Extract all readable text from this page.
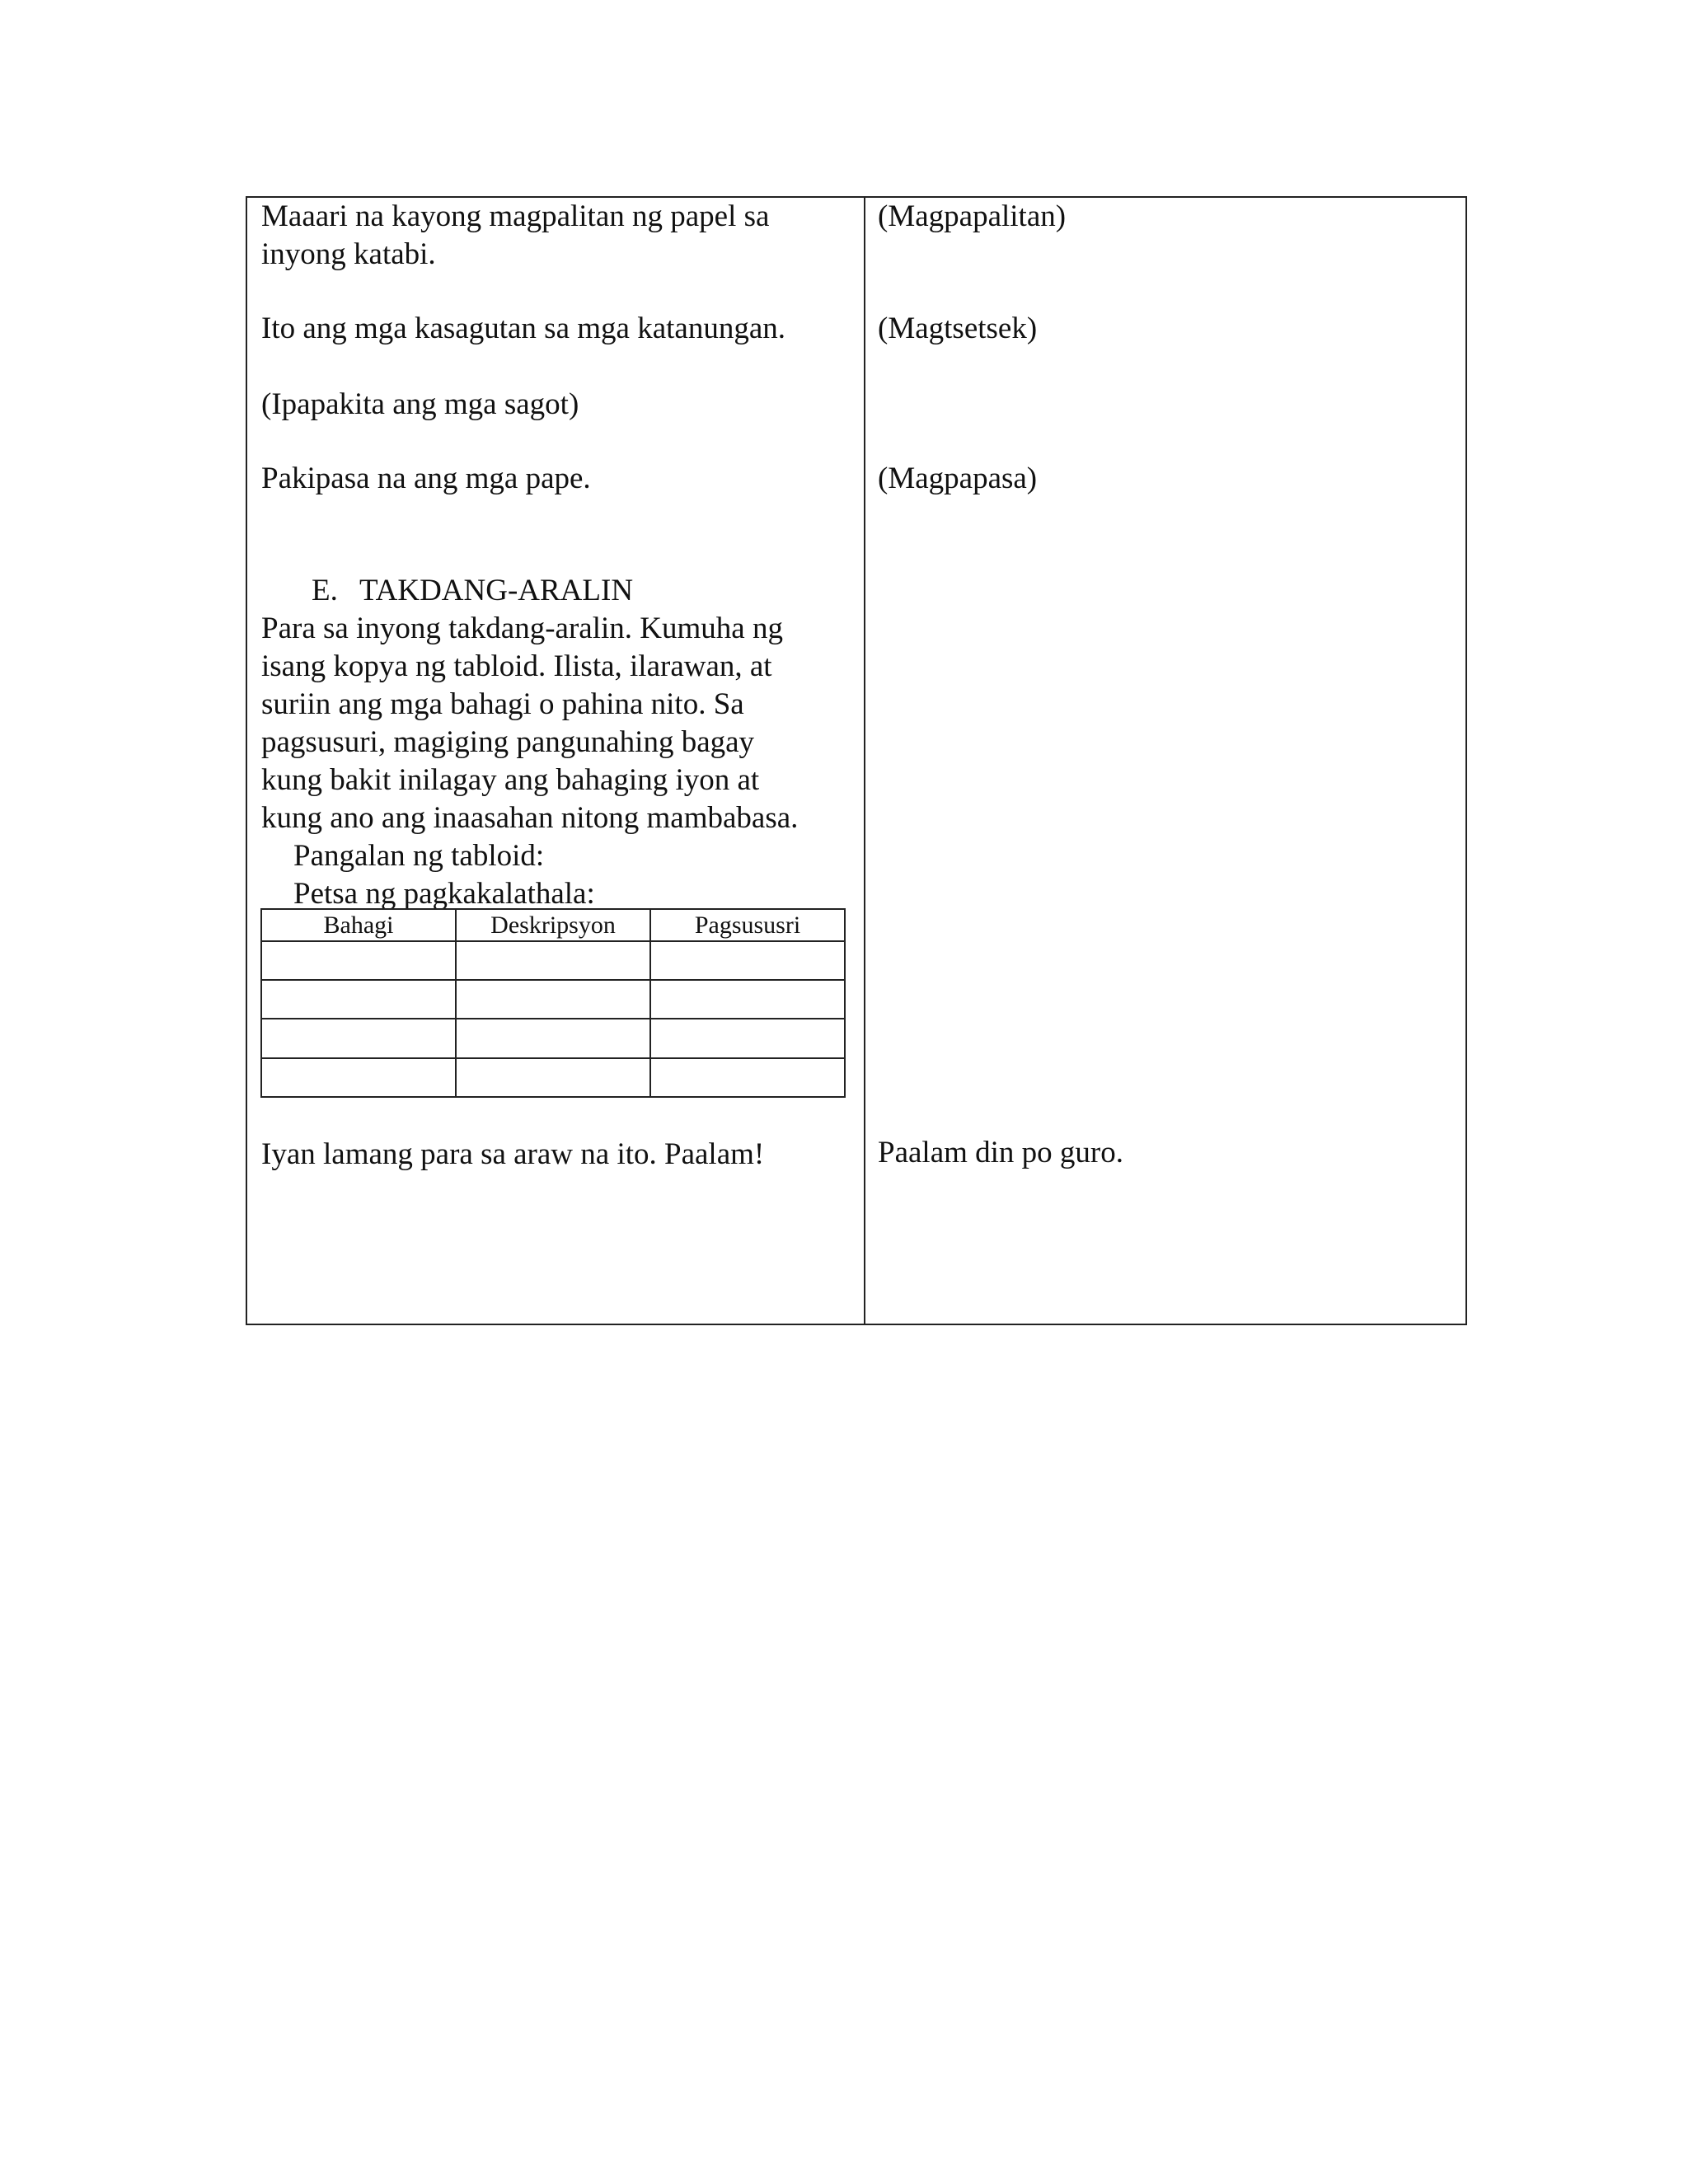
Maaari na kayong magpalitan ng papel sa
inyong katabi.
Ito ang mga kasagutan sa mga katanungan.
(Ipapakita ang mga sagot)
Pakipasa na ang mga pape.
E. TAKDANG-ARALIN
Para sa inyong takdang-aralin. Kumuha ng
isang kopya ng tabloid. Ilista, ilarawan, at
suriin ang mga bahagi o pahina nito. Sa
pagsusuri, magiging pangunahing bagay
kung bakit inilagay ang bahaging iyon at
kung ano ang inaasahan nitong mambabasa.
Pangalan ng tabloid:
Petsa ng pagkakalathala:
Bahagi	Deskripsyon	Pagsususri

Iyan lamang para sa araw na ito. Paalam!
(Magpapalitan)
(Magtsetsek)
(Magpapasa)
Paalam din po guro.
